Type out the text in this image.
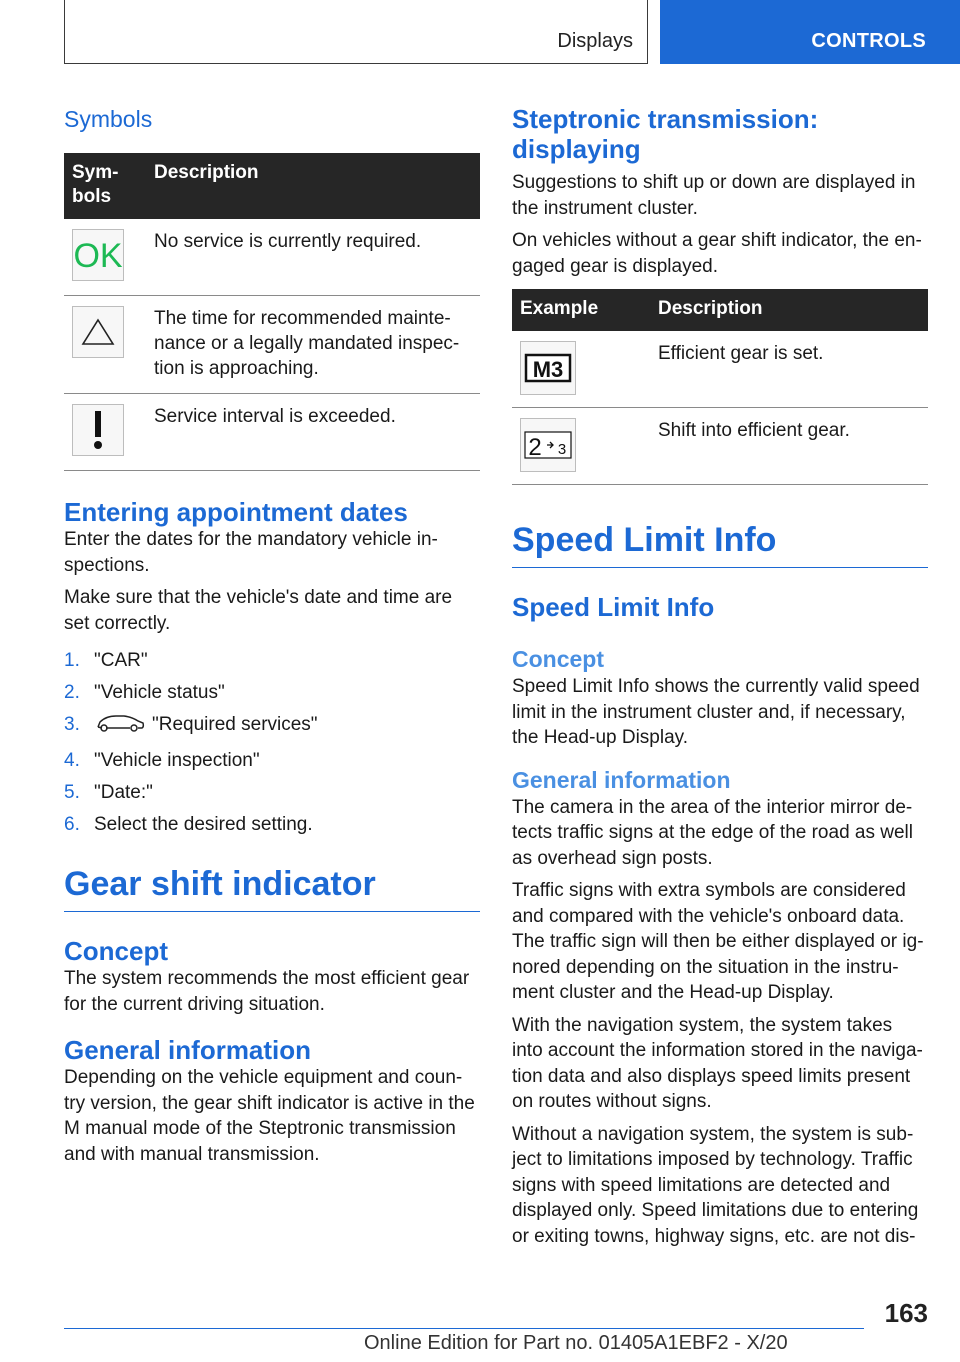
Displays	CONTROLS
Symbols
Sym-
bols	Description

OK	No service is currently required.

	The time for recommended mainte-nance or a legally mandated inspec-tion is approaching.

	Service interval is exceeded.
Entering appointment dates

Enter the dates for the mandatory vehicle in-spections.

Make sure that the vehicle's date and time are set correctly.

1. "CAR"
2. "Vehicle status"
3.	"Required services"
4. "Vehicle inspection"
5. "Date:"
6. Select the desired setting.
Gear shift indicator
Concept

The system recommends the most efficient gear for the current driving situation.

General information

Depending on the vehicle equipment and coun-try version, the gear shift indicator is active in the M manual mode of the Steptronic transmission and with manual transmission.

Steptronic transmission: displaying

Suggestions to shift up or down are displayed in the instrument cluster.

On vehicles without a gear shift indicator, the en-gaged gear is displayed.

Example	Description

M3	Efficient gear is set.

2 3	Shift into efficient gear.
Speed Limit Info
Speed Limit Info
Concept

Speed Limit Info shows the currently valid speed limit in the instrument cluster and, if necessary, the Head-up Display.

General information

The camera in the area of the interior mirror de-tects traffic signs at the edge of the road as well as overhead sign posts.

Traffic signs with extra symbols are considered and compared with the vehicle's onboard data. The traffic sign will then be either displayed or ig-nored depending on the situation in the instru-ment cluster and the Head-up Display.

With the navigation system, the system takes into account the information stored in the naviga-tion data and also displays speed limits present on routes without signs.

Without a navigation system, the system is sub-ject to limitations imposed by technology. Traffic signs with speed limitations are detected and displayed only. Speed limitations due to entering or exiting towns, highway signs, etc. are not dis-

163
Online Edition for Part no. 01405A1EBF2 - X/20
